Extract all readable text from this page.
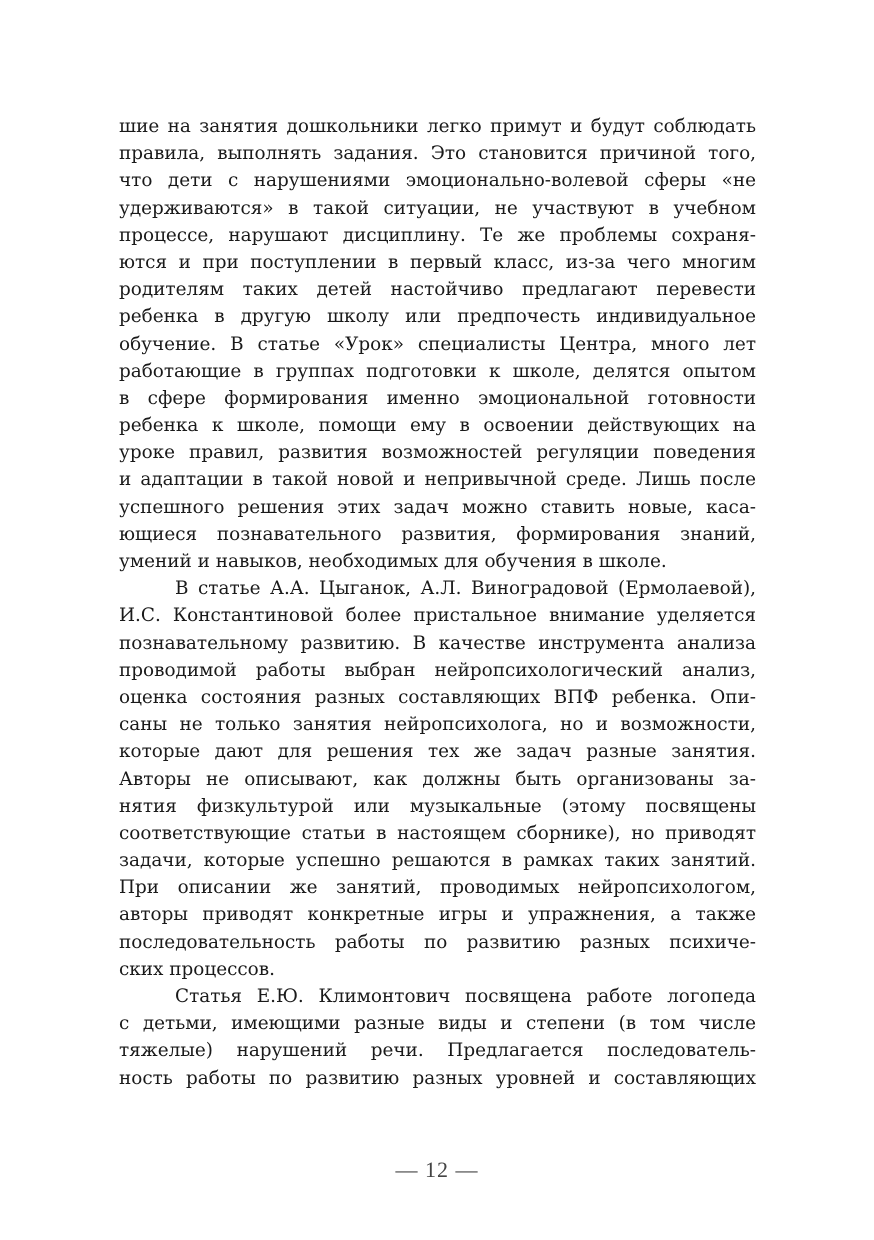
шие на занятия дошкольники легко примут и будут соблюдать
правила, выполнять задания. Это становится причиной того,
что дети с нарушениями эмоционально-волевой сферы «не
удерживаются» в такой ситуации, не участвуют в учебном
процессе, нарушают дисциплину. Те же проблемы сохраня-
ются и при поступлении в первый класс, из-за чего многим
родителям таких детей настойчиво предлагают перевести
ребенка в другую школу или предпочесть индивидуальное
обучение. В статье «Урок» специалисты Центра, много лет
работающие в группах подготовки к школе, делятся опытом
в сфере формирования именно эмоциональной готовности
ребенка к школе, помощи ему в освоении действующих на
уроке правил, развития возможностей регуляции поведения
и адаптации в такой новой и непривычной среде. Лишь после
успешного решения этих задач можно ставить новые, каса-
ющиеся познавательного развития, формирования знаний,
умений и навыков, необходимых для обучения в школе.
В статье А.А. Цыганок, А.Л. Виноградовой (Ермолаевой),
И.С. Константиновой более пристальное внимание уделяется
познавательному развитию. В качестве инструмента анализа
проводимой работы выбран нейропсихологический анализ,
оценка состояния разных составляющих ВПФ ребенка. Опи-
саны не только занятия нейропсихолога, но и возможности,
которые дают для решения тех же задач разные занятия.
Авторы не описывают, как должны быть организованы за-
нятия физкультурой или музыкальные (этому посвящены
соответствующие статьи в настоящем сборнике), но приводят
задачи, которые успешно решаются в рамках таких занятий.
При описании же занятий, проводимых нейропсихологом,
авторы приводят конкретные игры и упражнения, а также
последовательность работы по развитию разных психиче-
ских процессов.
Статья Е.Ю. Климонтович посвящена работе логопеда
с детьми, имеющими разные виды и степени (в том числе
тяжелые) нарушений речи. Предлагается последователь-
ность работы по развитию разных уровней и составляющих
— 12 —
